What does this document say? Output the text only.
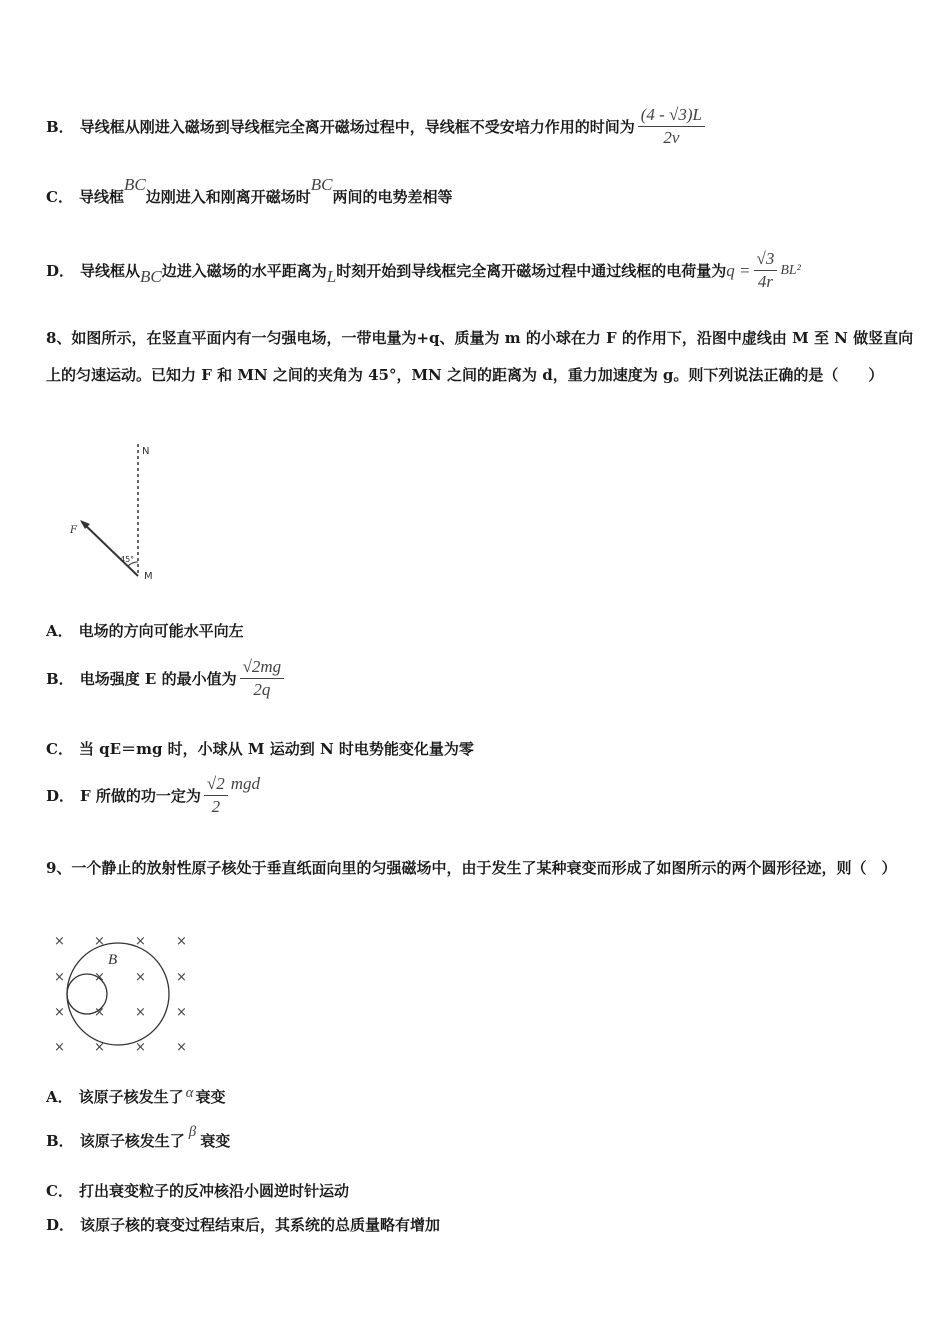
B． 导线框从刚进入磁场到导线框完全离开磁场过程中，导线框不受安培力作用的时间为 $\frac{(4 - √3)L}{2v}$
C． 导线框
BC
边刚进入和刚离开磁场时
BC
两间的电势差相等
D． 导线框从 BC 边进入磁场的水平距离为 L 时刻开始到导线框完全离开磁场过程中通过线框的电荷量为 $q = \frac{√3}{4r} BL^2$
8、如图所示，在竖直平面内有一匀强电场，一带电量为+q、质量为 m 的小球在力 F 的作用下，沿图中虚线由 M 至 N 做竖直向上的匀速运动。已知力 F 和 MN 之间的夹角为 45°，MN 之间的距离为 d，重力加速度为 g。则下列说法正确的是（　　）
N
M
F
45°
A． 电场的方向可能水平向左
B． 电场强度 E 的最小值为 $\frac{√2mg}{2q}$
C． 当 qE＝mg 时，小球从 M 运动到 N 时电势能变化量为零
D． F 所做的功一定为 $\frac{√2}{2}$ mgd
9、一个静止的放射性原子核处于垂直纸面向里的匀强磁场中，由于发生了某种衰变而形成了如图所示的两个圆形径迹，则（　）
× × × ×
× × × ×
× × × ×
× × × ×
B
A． 该原子核发生了 α 衰变
B． 该原子核发生了 β 衰变
C． 打出衰变粒子的反冲核沿小圆逆时针运动
D． 该原子核的衰变过程结束后，其系统的总质量略有增加
